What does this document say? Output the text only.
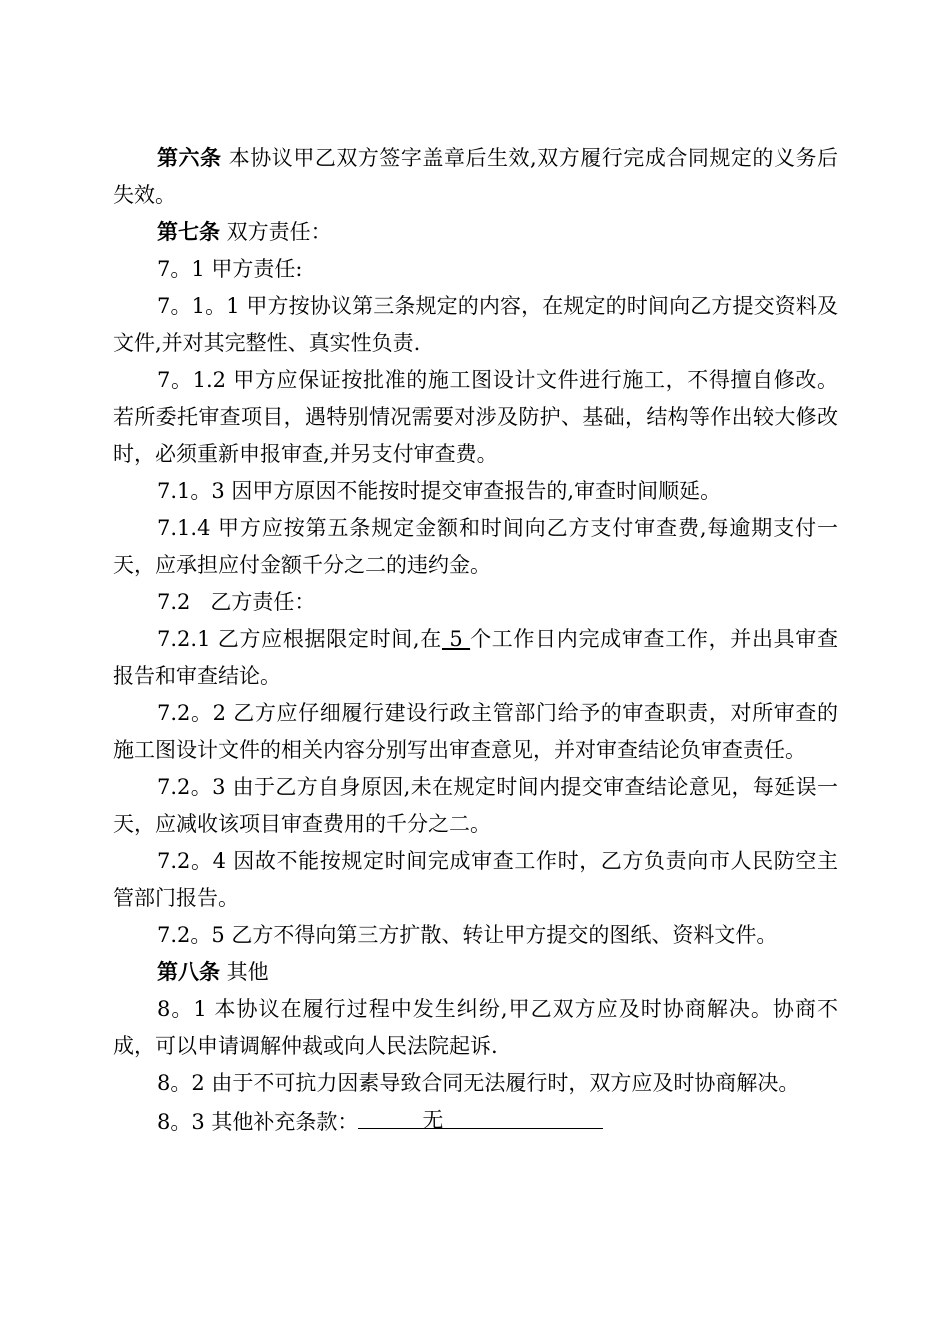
第六条 本协议甲乙双方签字盖章后生效,双方履行完成合同规定的义务后失效。

第七条 双方责任：

7。1 甲方责任:

7。1。1 甲方按协议第三条规定的内容，在规定的时间向乙方提交资料及文件,并对其完整性、真实性负责.

7。1.2 甲方应保证按批准的施工图设计文件进行施工，不得擅自修改。若所委托审查项目，遇特别情况需要对涉及防护、基础，结构等作出较大修改时，必须重新申报审查,并另支付审查费。

7.1。3 因甲方原因不能按时提交审查报告的,审查时间顺延。

7.1.4 甲方应按第五条规定金额和时间向乙方支付审查费,每逾期支付一天，应承担应付金额千分之二的违约金。

7.2   乙方责任：

7.2.1 乙方应根据限定时间,在 5 个工作日内完成审查工作，并出具审查报告和审查结论。

7.2。2 乙方应仔细履行建设行政主管部门给予的审查职责，对所审查的施工图设计文件的相关内容分别写出审查意见，并对审查结论负审查责任。

7.2。3 由于乙方自身原因,未在规定时间内提交审查结论意见，每延误一天，应减收该项目审查费用的千分之二。

7.2。4 因故不能按规定时间完成审查工作时，乙方负责向市人民防空主管部门报告。

7.2。5 乙方不得向第三方扩散、转让甲方提交的图纸、资料文件。

第八条 其他

8。1 本协议在履行过程中发生纠纷,甲乙双方应及时协商解决。协商不成，可以申请调解仲裁或向人民法院起诉.

8。2 由于不可抗力因素导致合同无法履行时，双方应及时协商解决。

8。3 其他补充条款：	无
